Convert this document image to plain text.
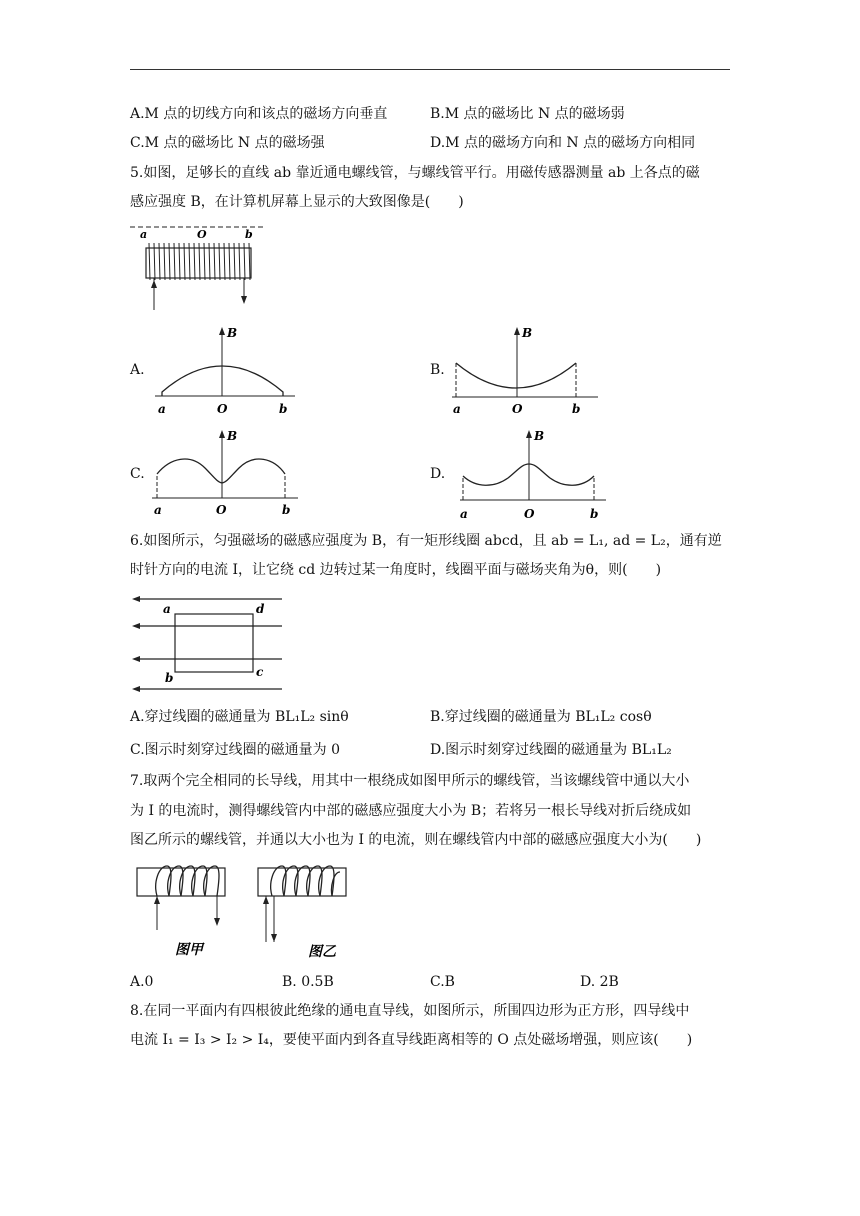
A.M 点的切线方向和该点的磁场方向垂直	B.M 点的磁场比 N 点的磁场弱
C.M 点的磁场比 N 点的磁场强	D.M 点的磁场方向和 N 点的磁场方向相同
5.如图，足够长的直线 ab 靠近通电螺线管，与螺线管平行。用磁传感器测量 ab 上各点的磁
感应强度 B，在计算机屏幕上显示的大致图像是(　　)
a	O	b
A.
B
a	O	b
B.
B
a	O	b
C.
B
a	O	b
D.
B
a	O	b
6.如图所示，匀强磁场的磁感应强度为 B，有一矩形线圈 abcd，且 ab = L₁, ad = L₂，通有逆
时针方向的电流 I，让它绕 cd 边转过某一角度时，线圈平面与磁场夹角为θ，则(　　)
a	d
b	c
A.穿过线圈的磁通量为 BL₁L₂ sinθ	B.穿过线圈的磁通量为 BL₁L₂ cosθ
C.图示时刻穿过线圈的磁通量为 0	D.图示时刻穿过线圈的磁通量为 BL₁L₂
7.取两个完全相同的长导线，用其中一根绕成如图甲所示的螺线管，当该螺线管中通以大小
为 I 的电流时，测得螺线管内中部的磁感应强度大小为 B；若将另一根长导线对折后绕成如
图乙所示的螺线管，并通以大小也为 I 的电流，则在螺线管内中部的磁感应强度大小为(　　)
图甲	图乙
A.0	B. 0.5B	C.B	D. 2B
8.在同一平面内有四根彼此绝缘的通电直导线，如图所示，所围四边形为正方形，四导线中
电流 I₁ = I₃ > I₂ > I₄，要使平面内到各直导线距离相等的 O 点处磁场增强，则应该(　　)
